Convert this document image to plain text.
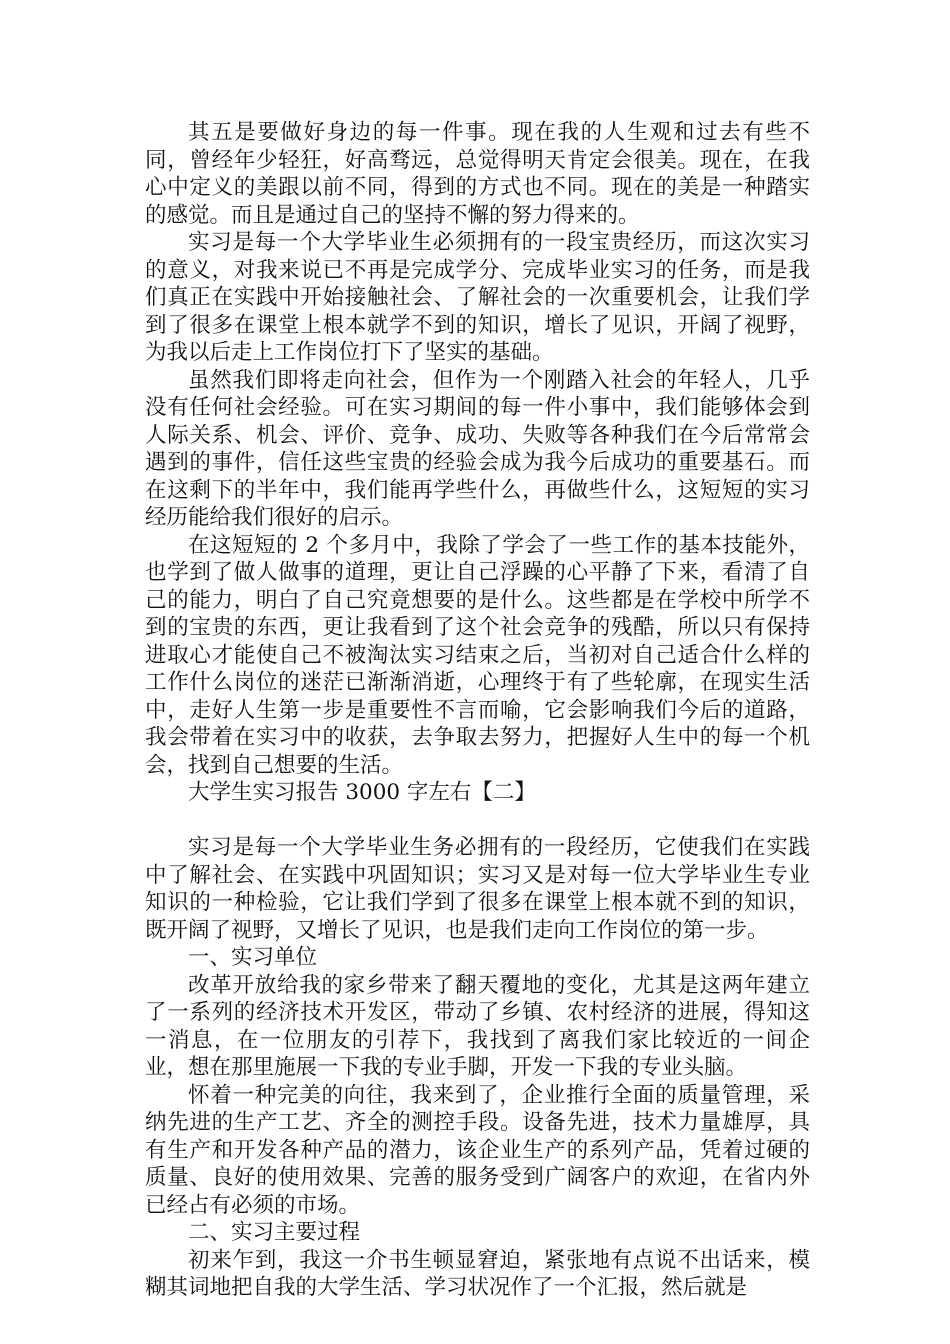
其五是要做好身边的每一件事。现在我的人生观和过去有些不同，曾经年少轻狂，好高骛远，总觉得明天肯定会很美。现在，在我心中定义的美跟以前不同，得到的方式也不同。现在的美是一种踏实的感觉。而且是通过自己的坚持不懈的努力得来的。

实习是每一个大学毕业生必须拥有的一段宝贵经历，而这次实习的意义，对我来说已不再是完成学分、完成毕业实习的任务，而是我们真正在实践中开始接触社会、了解社会的一次重要机会，让我们学到了很多在课堂上根本就学不到的知识，增长了见识，开阔了视野，为我以后走上工作岗位打下了坚实的基础。

虽然我们即将走向社会，但作为一个刚踏入社会的年轻人，几乎没有任何社会经验。可在实习期间的每一件小事中，我们能够体会到人际关系、机会、评价、竞争、成功、失败等各种我们在今后常常会遇到的事件，信任这些宝贵的经验会成为我今后成功的重要基石。而在这剩下的半年中，我们能再学些什么，再做些什么，这短短的实习经历能给我们很好的启示。

在这短短的 2 个多月中，我除了学会了一些工作的基本技能外，也学到了做人做事的道理，更让自己浮躁的心平静了下来，看清了自己的能力，明白了自己究竟想要的是什么。这些都是在学校中所学不到的宝贵的东西，更让我看到了这个社会竞争的残酷，所以只有保持进取心才能使自己不被淘汰实习结束之后，当初对自己适合什么样的工作什么岗位的迷茫已渐渐消逝，心理终于有了些轮廓，在现实生活中，走好人生第一步是重要性不言而喻，它会影响我们今后的道路，我会带着在实习中的收获，去争取去努力，把握好人生中的每一个机会，找到自己想要的生活。

大学生实习报告 3000 字左右【二】

实习是每一个大学毕业生务必拥有的一段经历，它使我们在实践中了解社会、在实践中巩固知识；实习又是对每一位大学毕业生专业知识的一种检验，它让我们学到了很多在课堂上根本就不到的知识，既开阔了视野，又增长了见识，也是我们走向工作岗位的第一步。

一、实习单位

改革开放给我的家乡带来了翻天覆地的变化，尤其是这两年建立了一系列的经济技术开发区，带动了乡镇、农村经济的进展，得知这一消息，在一位朋友的引荐下，我找到了离我们家比较近的一间企业，想在那里施展一下我的专业手脚，开发一下我的专业头脑。

怀着一种完美的向往，我来到了，企业推行全面的质量管理，采纳先进的生产工艺、齐全的测控手段。设备先进，技术力量雄厚，具有生产和开发各种产品的潜力，该企业生产的系列产品，凭着过硬的质量、良好的使用效果、完善的服务受到广阔客户的欢迎，在省内外已经占有必须的市场。

二、实习主要过程

初来乍到，我这一介书生顿显窘迫，紧张地有点说不出话来，模糊其词地把自我的大学生活、学习状况作了一个汇报，然后就是
